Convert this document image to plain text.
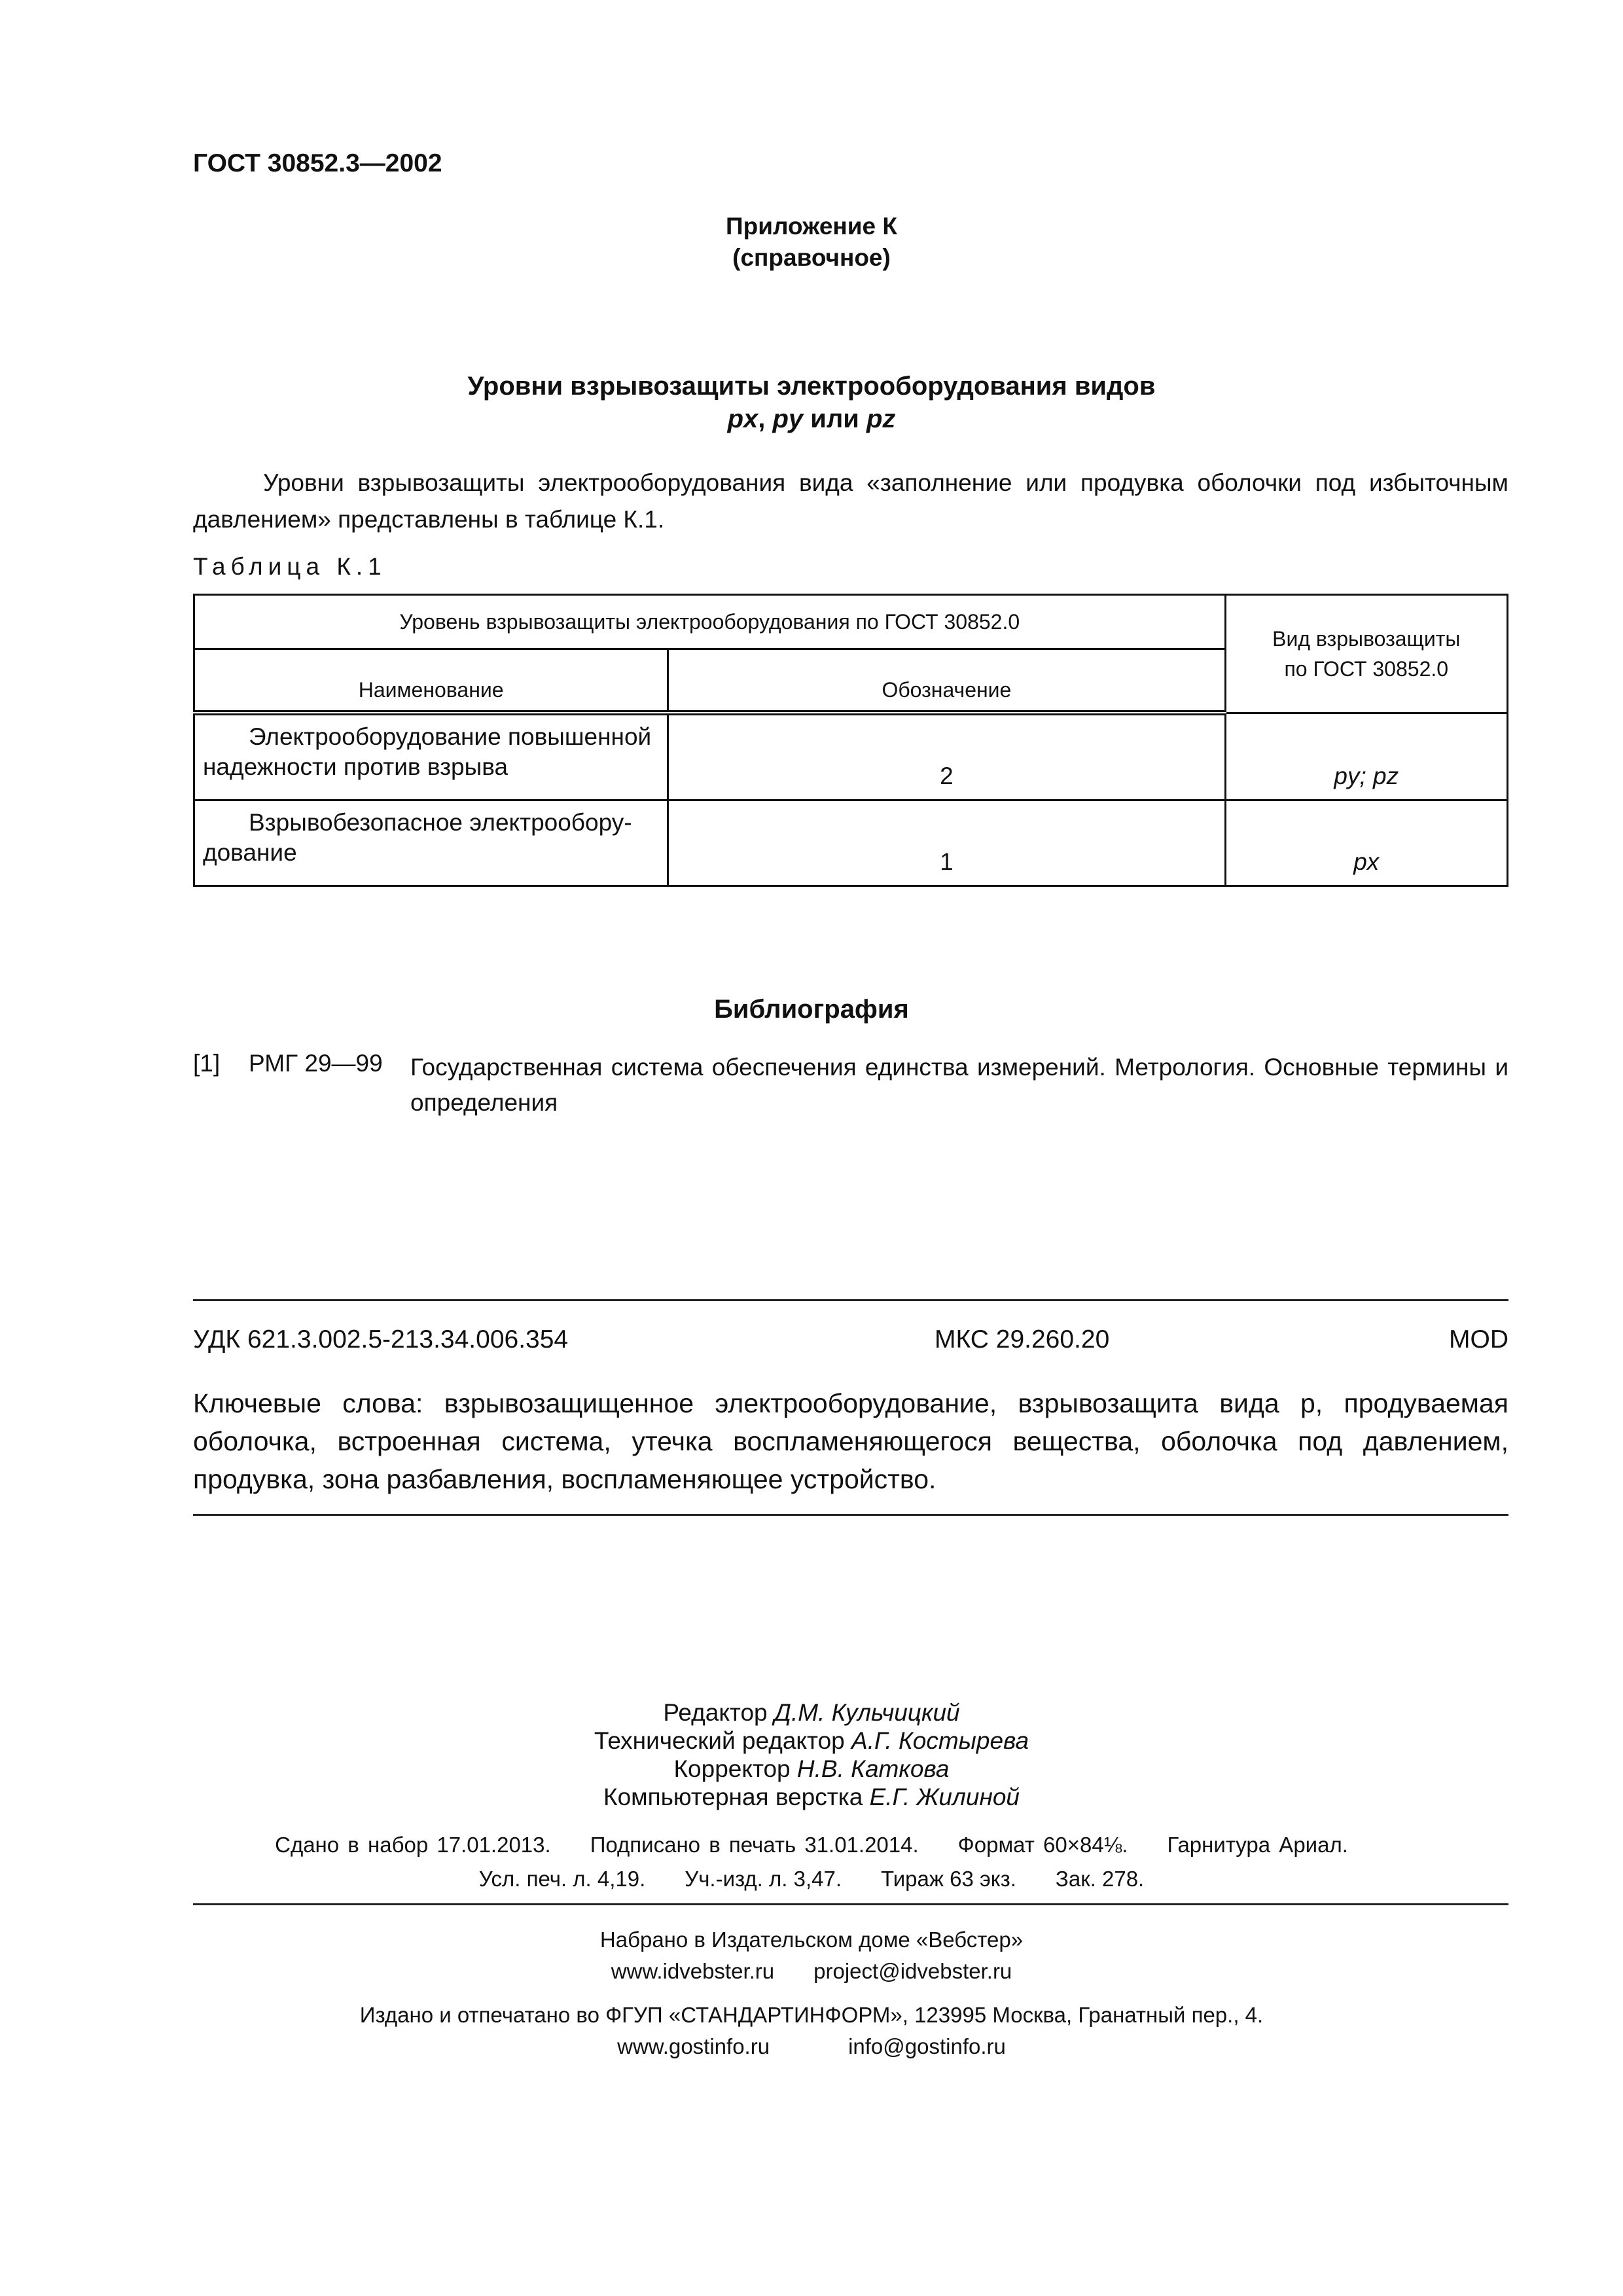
ГОСТ 30852.3—2002
Приложение К
(справочное)
Уровни взрывозащиты электрооборудования видов
px, py или pz

Уровни взрывозащиты электрооборудования вида «заполнение или продувка оболочки под избыточным давлением» представлены в таблице К.1.

Таблица К.1
Уровень взрывозащиты электрооборудования по ГОСТ 30852.0		Вид взрывозащиты
по ГОСТ 30852.0

Наименование	Обозначение	

Электрооборудование повышенной надежности против взрыва	2	py; pz

Взрывобезопасное электрообору-дование	1	px
Библиография
[1] РМГ 29—99 Государственная система обеспечения единства измерений. Метрология. Основные термины и определения
УДК 621.3.002.5-213.34.006.354	МКС 29.260.20	MOD
Ключевые слова: взрывозащищенное электрооборудование, взрывозащита вида р, продуваемая оболочка, встроенная система, утечка воспламеняющегося вещества, оболочка под давлением, продувка, зона разбавления, воспламеняющее устройство.
Редактор Д.М. Кульчицкий
Технический редактор А.Г. Костырева
Корректор Н.В. Каткова
Компьютерная верстка Е.Г. Жилиной
Сдано в набор 17.01.2013. Подписано в печать 31.01.2014. Формат 60×84⅛. Гарнитура Ариал.
Усл. печ. л. 4,19. Уч.-изд. л. 3,47. Тираж 63 экз. Зак. 278.
Набрано в Издательском доме «Вебстер»
www.idvebster.ru project@idvebster.ru
Издано и отпечатано во ФГУП «СТАНДАРТИНФОРМ», 123995 Москва, Гранатный пер., 4.
www.gostinfo.ru	info@gostinfo.ru
